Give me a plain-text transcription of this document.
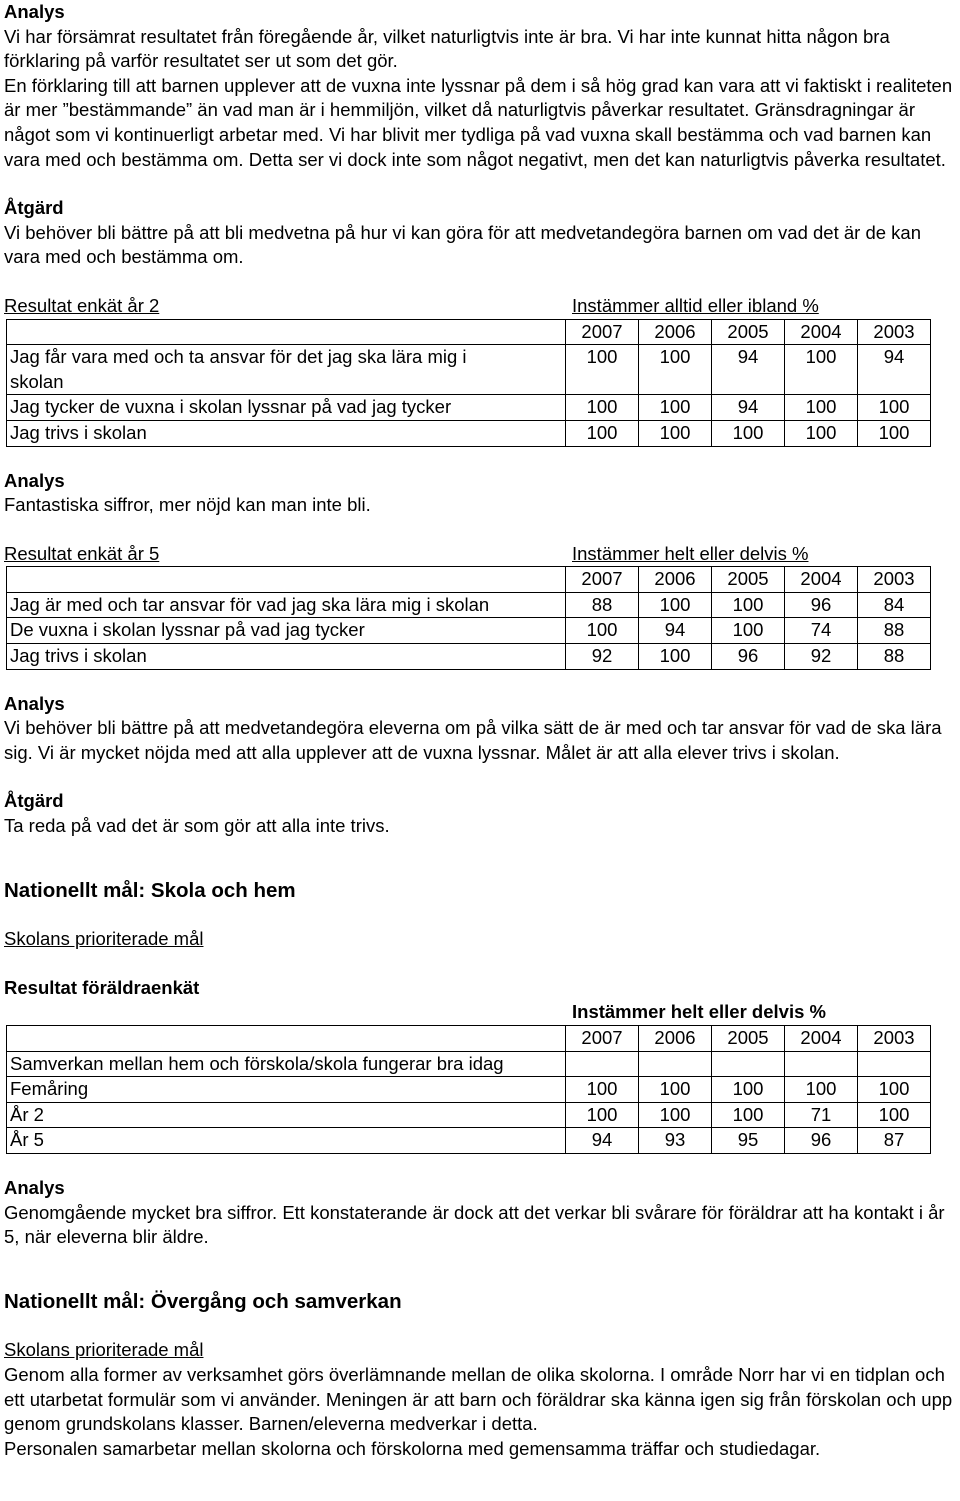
Analys

Vi har försämrat resultatet från föregående år, vilket naturligtvis inte är bra. Vi har inte kunnat hitta någon bra förklaring på varför resultatet ser ut som det gör.

En förklaring till att barnen upplever att de vuxna inte lyssnar på dem i så hög grad kan vara att vi faktiskt i realiteten är mer ”bestämmande” än vad man är i hemmiljön, vilket då naturligtvis påverkar resultatet. Gränsdragningar är något som vi kontinuerligt arbetar med. Vi har blivit mer tydliga på vad vuxna skall bestämma och vad barnen kan vara med och bestämma om. Detta ser vi dock inte som något negativt, men det kan naturligtvis påverka resultatet.

Åtgärd

Vi behöver bli bättre på att bli medvetna på hur vi kan göra för att medvetandegöra barnen om vad det är de kan vara med och bestämma om.

Resultat enkät år 2	Instämmer alltid eller ibland %
	2007	2006	2005	2004	2003
Jag får vara med och ta ansvar för det jag ska lära mig i skolan	100	100	94	100	94
Jag tycker de vuxna i skolan lyssnar på vad jag tycker	100	100	94	100	100
Jag trivs i skolan	100	100	100	100	100

Analys

Fantastiska siffror, mer nöjd kan man inte bli.

Resultat enkät år 5	Instämmer helt eller delvis %
	2007	2006	2005	2004	2003
Jag är med och tar ansvar för vad jag ska lära mig i skolan	88	100	100	96	84
De vuxna i skolan lyssnar på vad jag tycker	100	94	100	74	88
Jag trivs i skolan	92	100	96	92	88

Analys

Vi behöver bli bättre på att medvetandegöra eleverna om på vilka sätt de är med och tar ansvar för vad de ska lära sig. Vi är mycket nöjda med att alla upplever att de vuxna lyssnar. Målet är att alla elever trivs i skolan.

Åtgärd

Ta reda på vad det är som gör att alla inte trivs.

Nationellt mål: Skola och hem

Skolans prioriterade mål

Resultat föräldraenkät

Instämmer helt eller delvis %
	2007	2006	2005	2004	2003
Samverkan mellan hem och förskola/skola fungerar bra idag					
Femåring	100	100	100	100	100
År 2	100	100	100	71	100
År 5	94	93	95	96	87

Analys

Genomgående mycket bra siffror. Ett konstaterande är dock att det verkar bli svårare för föräldrar att ha kontakt i år 5, när eleverna blir äldre.

Nationellt mål: Övergång och samverkan

Skolans prioriterade mål

Genom alla former av verksamhet görs överlämnande mellan de olika skolorna. I område Norr har vi en tidplan och ett utarbetat formulär som vi använder. Meningen är att barn och föräldrar ska känna igen sig från förskolan och upp genom grundskolans klasser. Barnen/eleverna medverkar i detta.

Personalen samarbetar mellan skolorna och förskolorna med gemensamma träffar och studiedagar.
